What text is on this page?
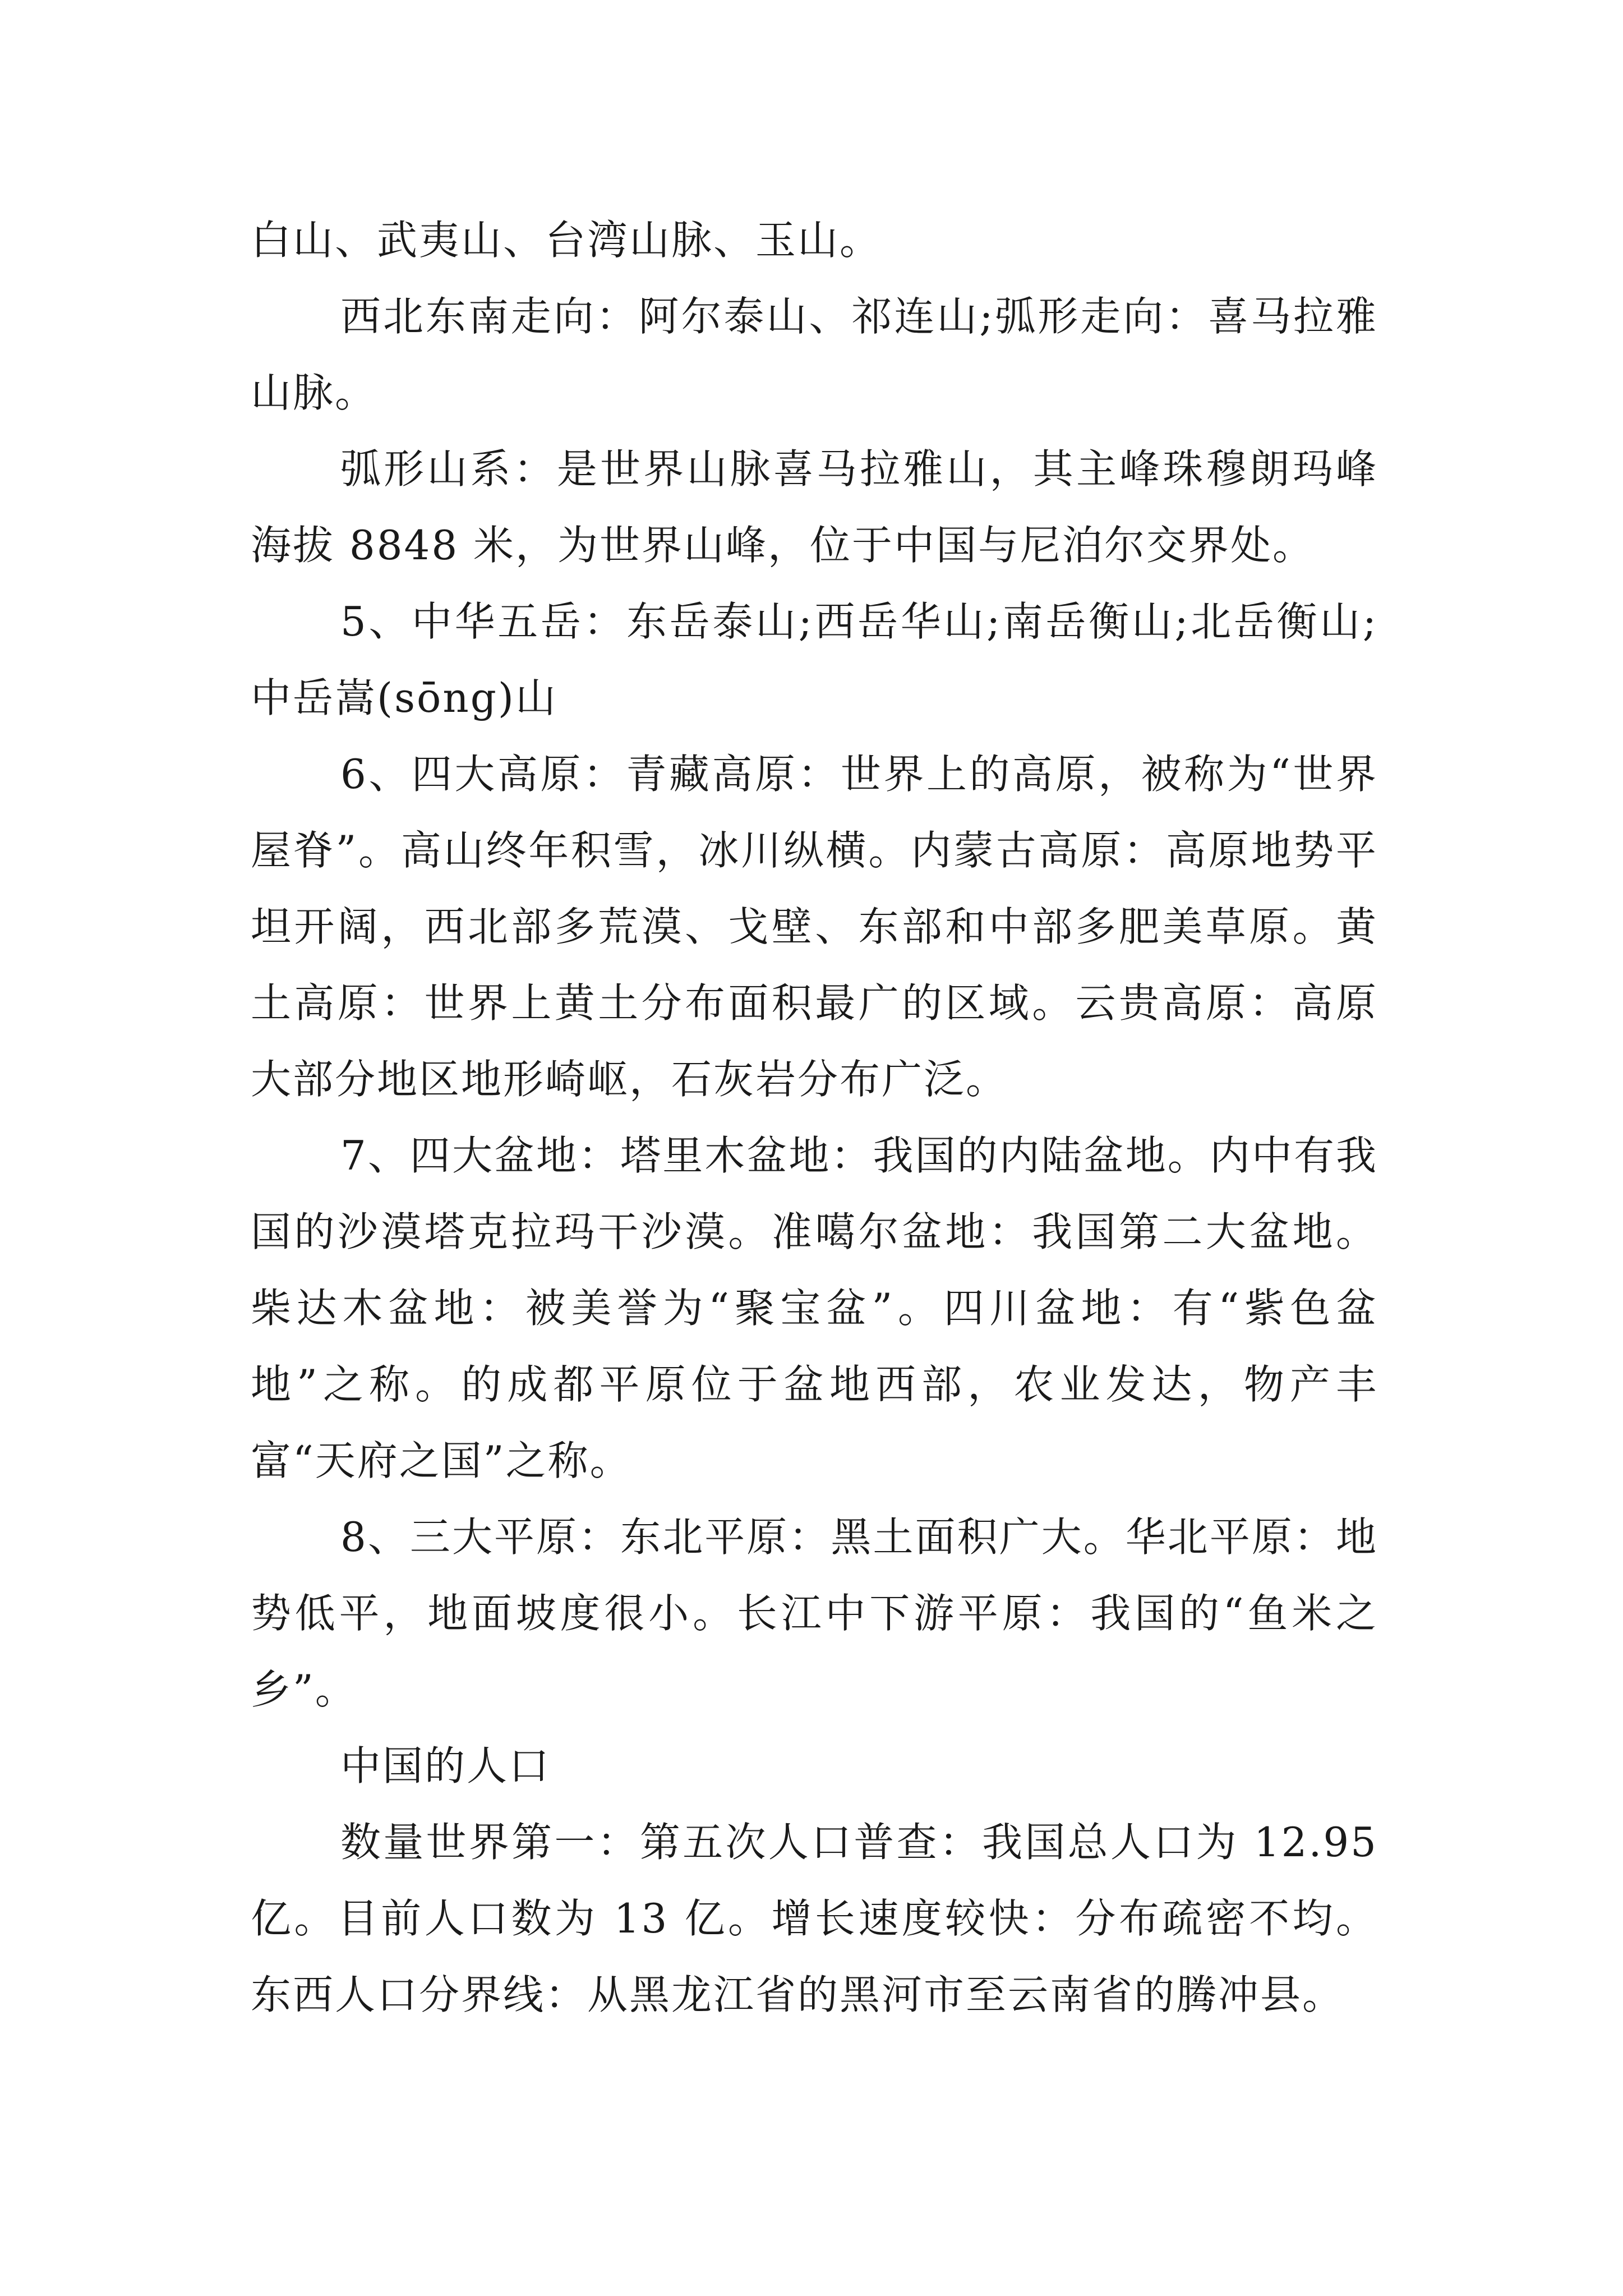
白山、武夷山、台湾山脉、玉山。

西北东南走向：阿尔泰山、祁连山;弧形走向：喜马拉雅山脉。

弧形山系：是世界山脉喜马拉雅山，其主峰珠穆朗玛峰海拔 8848 米，为世界山峰，位于中国与尼泊尔交界处。

5、中华五岳：东岳泰山;西岳华山;南岳衡山;北岳衡山;中岳嵩(sōng)山

6、四大高原：青藏高原：世界上的高原，被称为“世界屋脊”。高山终年积雪，冰川纵横。内蒙古高原：高原地势平坦开阔，西北部多荒漠、戈壁、东部和中部多肥美草原。黄土高原：世界上黄土分布面积最广的区域。云贵高原：高原大部分地区地形崎岖，石灰岩分布广泛。

7、四大盆地：塔里木盆地：我国的内陆盆地。内中有我国的沙漠塔克拉玛干沙漠。准噶尔盆地：我国第二大盆地。柴达木盆地：被美誉为“聚宝盆”。四川盆地：有“紫色盆地”之称。的成都平原位于盆地西部，农业发达，物产丰富“天府之国”之称。

8、三大平原：东北平原：黑土面积广大。华北平原：地势低平，地面坡度很小。长江中下游平原：我国的“鱼米之乡”。

中国的人口

数量世界第一：第五次人口普查：我国总人口为 12.95 亿。目前人口数为 13 亿。增长速度较快：分布疏密不均。东西人口分界线：从黑龙江省的黑河市至云南省的腾冲县。
